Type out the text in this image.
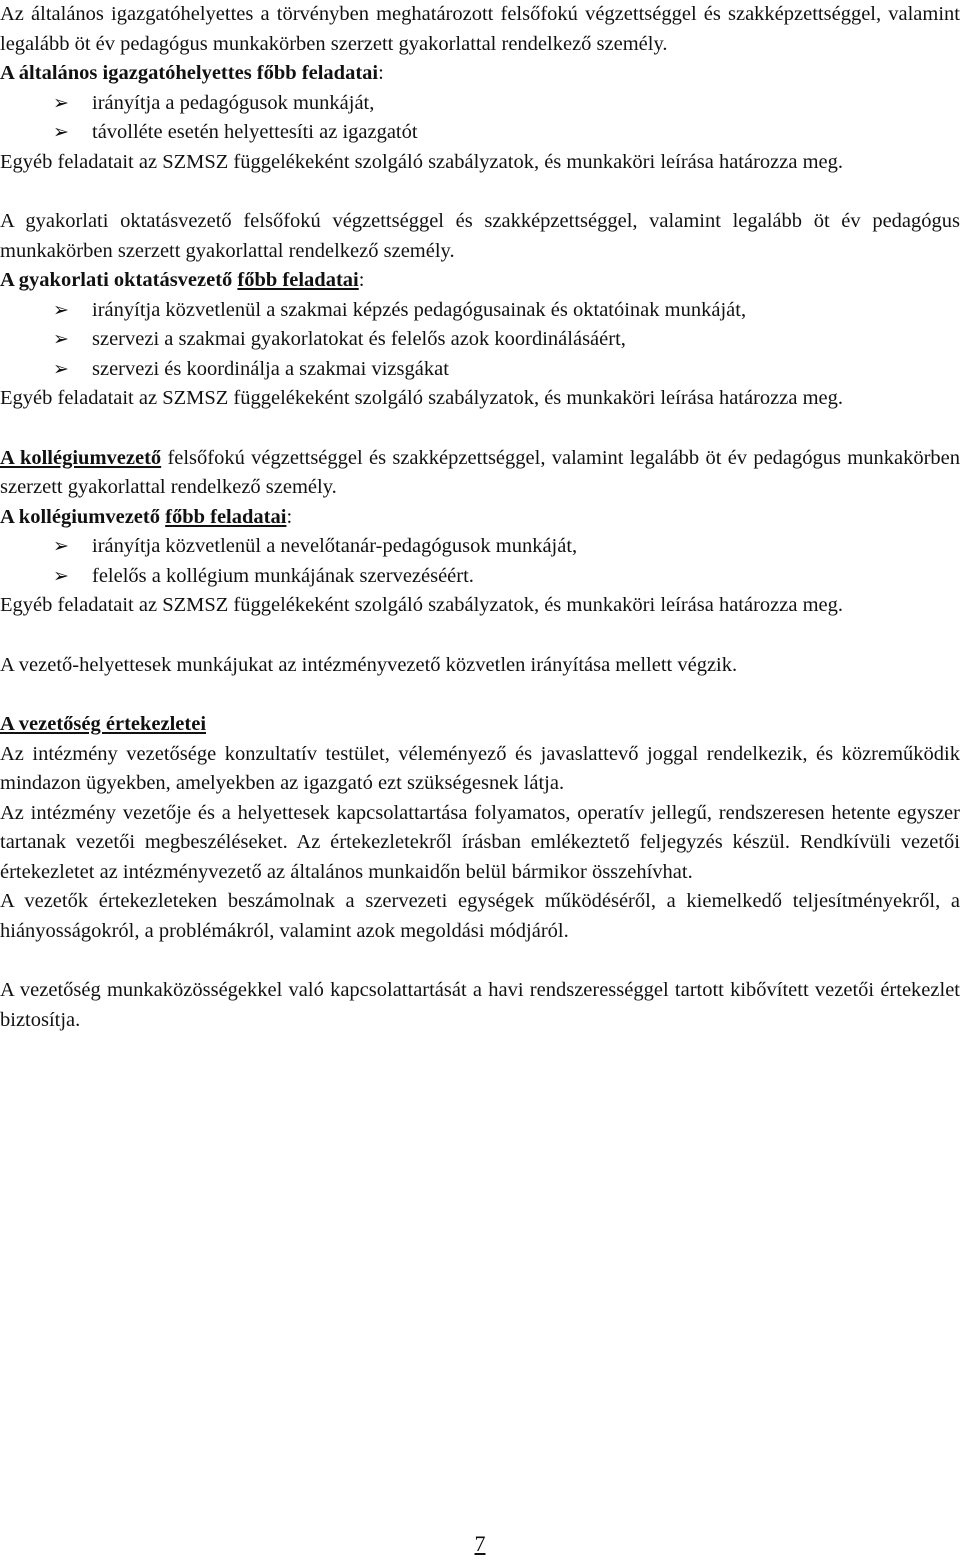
Az általános igazgatóhelyettes a törvényben meghatározott felsőfokú végzettséggel és szakképzettséggel, valamint legalább öt év pedagógus munkakörben szerzett gyakorlattal rendelkező személy.

A általános igazgatóhelyettes főbb feladatai:

➢ irányítja a pedagógusok munkáját,
➢ távolléte esetén helyettesíti az igazgatót

Egyéb feladatait az SZMSZ függelékeként szolgáló szabályzatok, és munkaköri leírása határozza meg.

A gyakorlati oktatásvezető felsőfokú végzettséggel és szakképzettséggel, valamint legalább öt év pedagógus munkakörben szerzett gyakorlattal rendelkező személy.

A gyakorlati oktatásvezető főbb feladatai:

➢ irányítja közvetlenül a szakmai képzés pedagógusainak és oktatóinak munkáját,
➢ szervezi a szakmai gyakorlatokat és felelős azok koordinálásáért,
➢ szervezi és koordinálja a szakmai vizsgákat

Egyéb feladatait az SZMSZ függelékeként szolgáló szabályzatok, és munkaköri leírása határozza meg.

A kollégiumvezető felsőfokú végzettséggel és szakképzettséggel, valamint legalább öt év pedagógus munkakörben szerzett gyakorlattal rendelkező személy.

A kollégiumvezető főbb feladatai:

➢ irányítja közvetlenül a nevelőtanár-pedagógusok munkáját,
➢ felelős a kollégium munkájának szervezéséért.

Egyéb feladatait az SZMSZ függelékeként szolgáló szabályzatok, és munkaköri leírása határozza meg.

A vezető-helyettesek munkájukat az intézményvezető közvetlen irányítása mellett végzik.

A vezetőség értekezletei

Az intézmény vezetősége konzultatív testület, véleményező és javaslattevő joggal rendelkezik, és közreműködik mindazon ügyekben, amelyekben az igazgató ezt szükségesnek látja.

Az intézmény vezetője és a helyettesek kapcsolattartása folyamatos, operatív jellegű, rendszeresen hetente egyszer tartanak vezetői megbeszéléseket. Az értekezletekről írásban emlékeztető feljegyzés készül. Rendkívüli vezetői értekezletet az intézményvezető az általános munkaidőn belül bármikor összehívhat.

A vezetők értekezleteken beszámolnak a szervezeti egységek működéséről, a kiemelkedő teljesítményekről, a hiányosságokról, a problémákról, valamint azok megoldási módjáról.

A vezetőség munkaközösségekkel való kapcsolattartását a havi rendszerességgel tartott kibővített vezetői értekezlet biztosítja.

7
